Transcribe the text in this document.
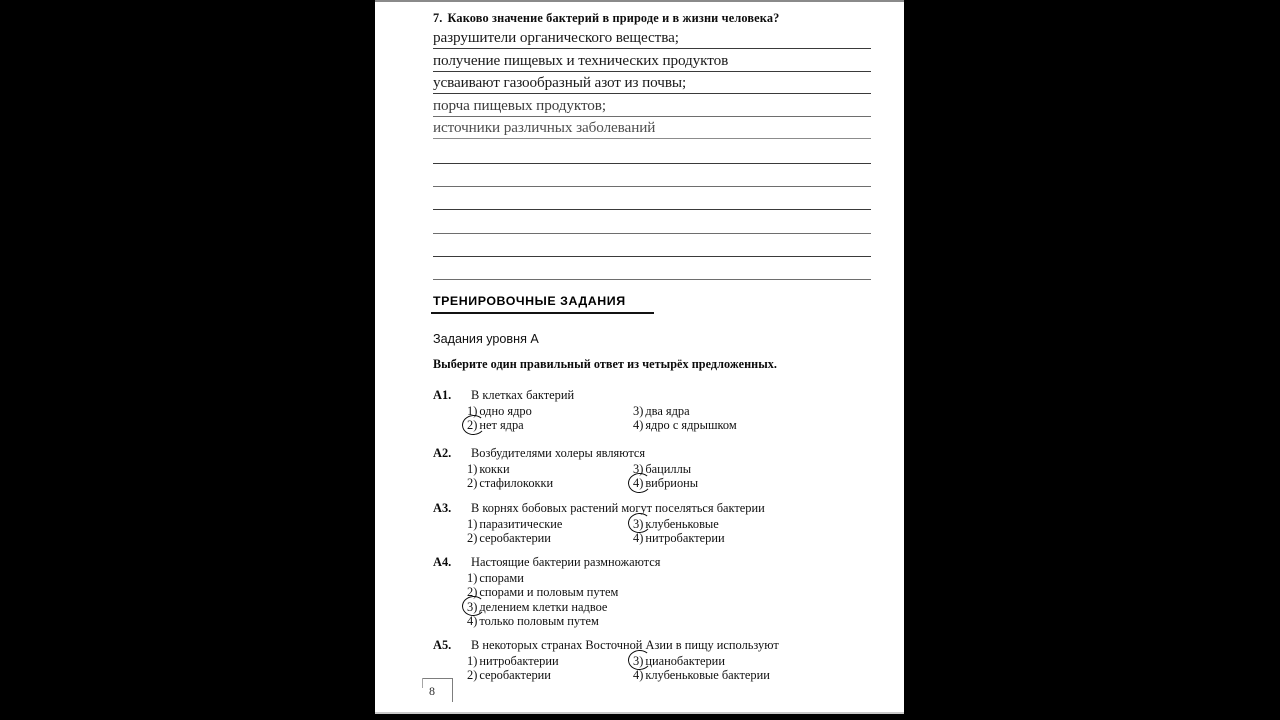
7. Каково значение бактерий в природе и в жизни человека?
разрушители органического вещества;
получение пищевых и технических продуктов
усваивают газообразный азот из почвы;
порча пищевых продуктов;
источники различных заболеваний
ТРЕНИРОВОЧНЫЕ ЗАДАНИЯ
Задания уровня А
Выберите один правильный ответ из четырёх предложенных.
A1. В клетках бактерий
1) одно ядро
2) нет ядра
3) два ядра
4) ядро с ядрышком
A2. Возбудителями холеры являются
1) кокки
2) стафилококки
3) бациллы
4) вибрионы
A3. В корнях бобовых растений могут поселяться бактерии
1) паразитические
2) серобактерии
3) клубеньковые
4) нитробактерии
A4. Настоящие бактерии размножаются
1) спорами
2) спорами и половым путем
3) делением клетки надвое
4) только половым путем
A5. В некоторых странах Восточной Азии в пищу используют
1) нитробактерии
2) серобактерии
3) цианобактерии
4) клубеньковые бактерии
8
